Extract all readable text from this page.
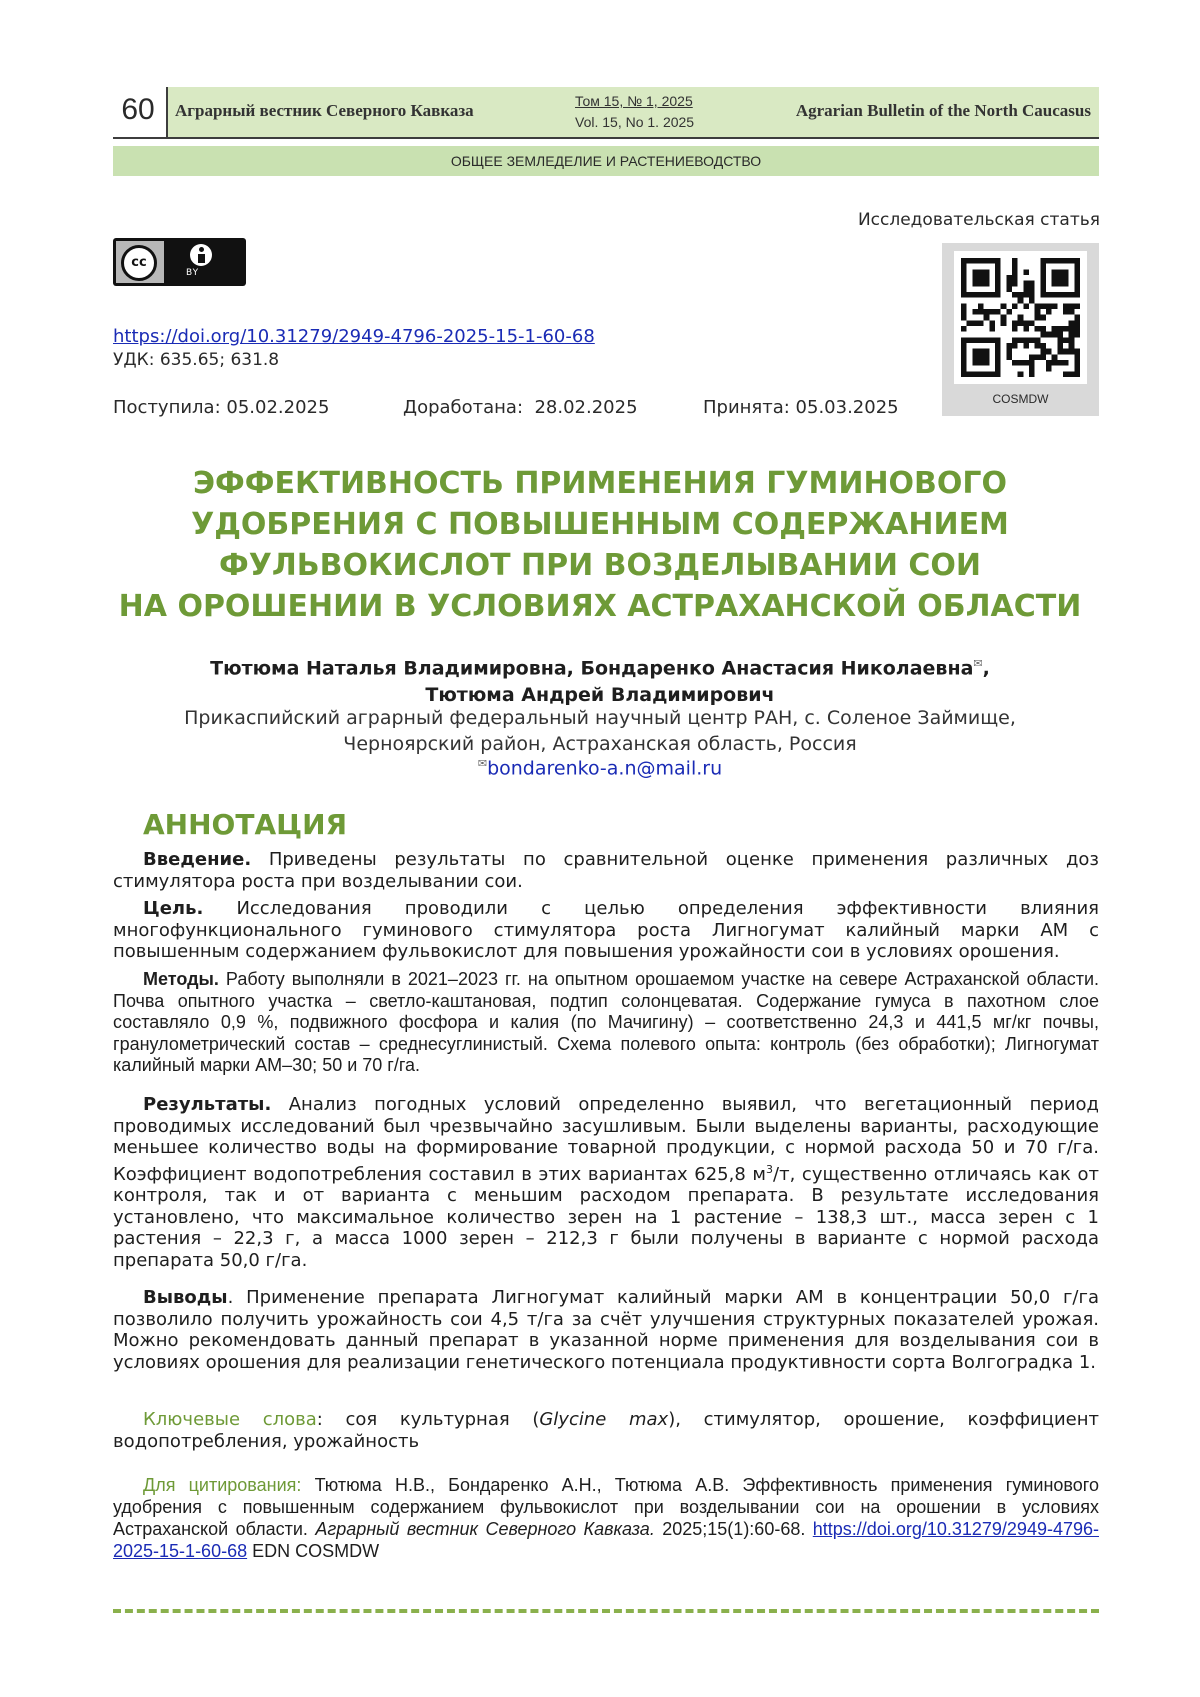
60	Аграрный вестник Северного Кавказа	Том 15, № 1, 2025
Vol. 15, No 1. 2025
Agrarian Bulletin of the North Caucasus
ОБЩЕЕ ЗЕМЛЕДЕЛИЕ И РАСТЕНИЕВОДСТВО
Исследовательская статья
cc
BY
COSMDW
https://doi.org/10.31279/2949-4796-2025-15-1-60-68
УДК: 635.65; 631.8
Поступила: 05.02.2025	Доработана:  28.02.2025	Принята: 05.03.2025
ЭФФЕКТИВНОСТЬ ПРИМЕНЕНИЯ ГУМИНОВОГО
УДОБРЕНИЯ С ПОВЫШЕННЫМ СОДЕРЖАНИЕМ
ФУЛЬВОКИСЛОТ ПРИ ВОЗДЕЛЫВАНИИ СОИ
НА ОРОШЕНИИ В УСЛОВИЯХ АСТРАХАНСКОЙ ОБЛАСТИ
Тютюма Наталья Владимировна, Бондаренко Анастасия Николаевна✉,
Тютюма Андрей Владимирович
Прикаспийский аграрный федеральный научный центр РАН, с. Соленое Займище,
Черноярский район, Астраханская область, Россия
✉bondarenko-a.n@mail.ru
АННОТАЦИЯ
Введение. Приведены результаты по сравнительной оценке применения различных доз стимулятора роста при возделывании сои.
Цель. Исследования проводили с целью определения эффективности влияния многофункционального гуминового стимулятора роста Лигногумат калийный марки АМ с повышенным содержанием фульвокислот для повышения урожайности сои в условиях орошения.
Методы. Работу выполняли в 2021–2023 гг. на опытном орошаемом участке на севере Астраханской области. Почва опытного участка – светло-каштановая, подтип солонцеватая. Содержание гумуса в пахотном слое составляло 0,9 %, подвижного фосфора и калия (по Мачигину) – соответственно 24,3 и 441,5 мг/кг почвы, гранулометрический состав – среднесуглинистый. Схема полевого опыта: контроль (без обработки); Лигногумат калийный марки АМ–30; 50 и 70 г/га.
Результаты. Анализ погодных условий определенно выявил, что вегетационный период проводимых исследований был чрезвычайно засушливым. Были выделены варианты, расходующие меньшее количество воды на формирование товарной продукции, с нормой расхода 50 и 70 г/га. Коэффициент водопотребления составил в этих вариантах 625,8 $м^3/т$, существенно отличаясь как от контроля, так и от варианта с меньшим расходом препарата. В результате исследования установлено, что максимальное количество зерен на 1 растение – 138,3 шт., масса зерен с 1 растения – 22,3 г, а масса 1000 зерен – 212,3 г были получены в варианте с нормой расхода препарата 50,0 г/га.
Выводы. Применение препарата Лигногумат калийный марки АМ в концентрации 50,0 г/га позволило получить урожайность сои 4,5 т/га за счёт улучшения структурных показателей урожая. Можно рекомендовать данный препарат в указанной норме применения для возделывания сои в условиях орошения для реализации генетического потенциала продуктивности сорта Волгоградка 1.
Ключевые слова: соя культурная (Glycine max), стимулятор, орошение, коэффициент водопотребления, урожайность
Для цитирования: Тютюма Н.В., Бондаренко А.Н., Тютюма А.В. Эффективность применения гуминового удобрения с повышенным содержанием фульвокислот при возделывании сои на орошении в условиях Астраханской области. Аграрный вестник Северного Кавказа. 2025;15(1):60-68. https://doi.org/10.31279/2949-4796-2025-15-1-60-68 EDN COSMDW
